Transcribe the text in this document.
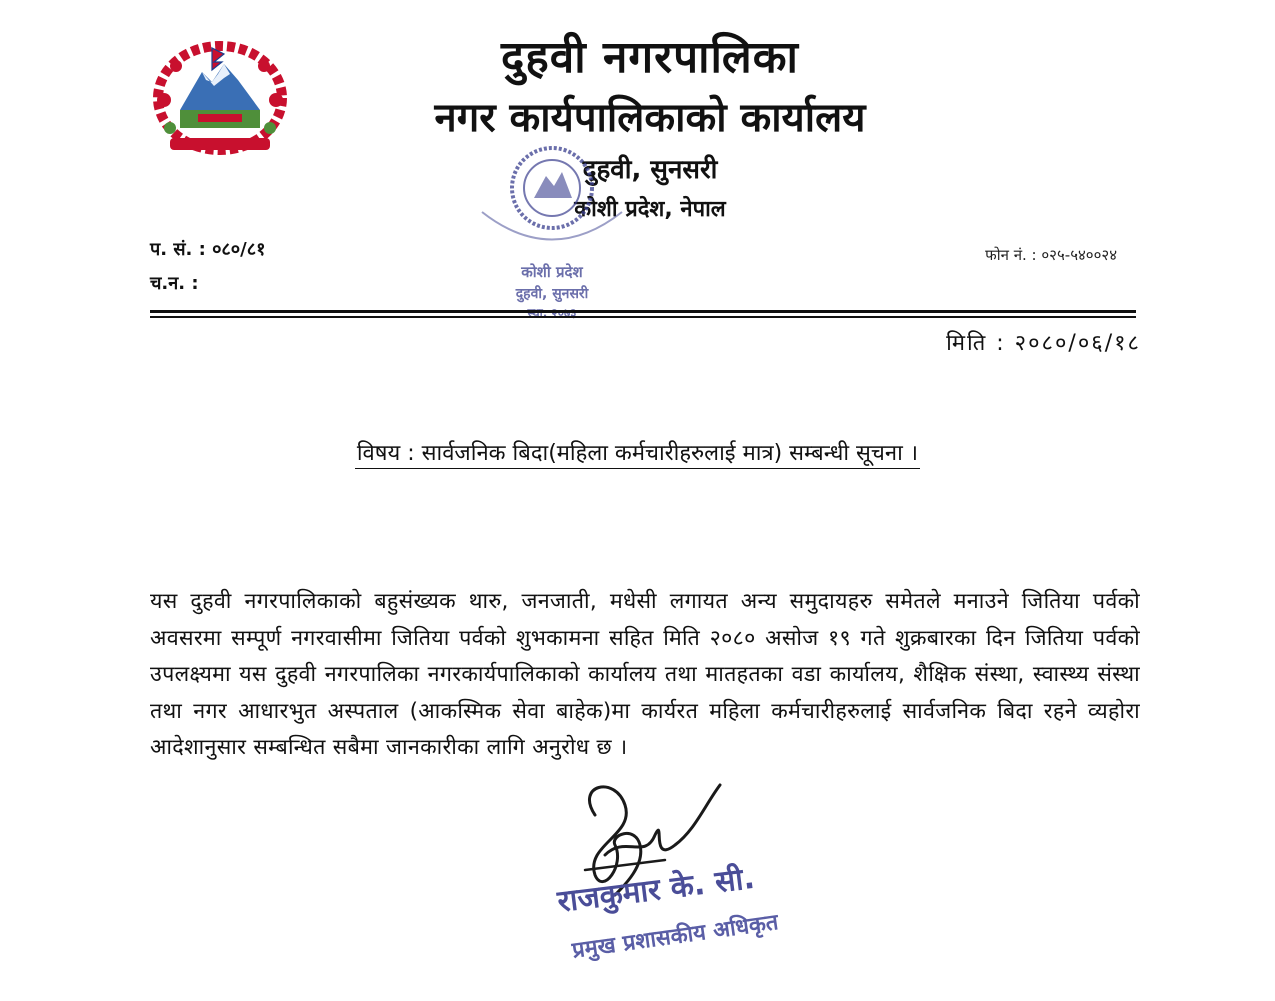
दुहवी नगरपालिका
नगर कार्यपालिकाको कार्यालय
दुहवी, सुनसरी
कोशी प्रदेश, नेपाल
कोशी प्रदेश
दुहवी, सुनसरी
स्था. २०७३
प. सं. : ०८०/८१
च.न. :
फोन नं. : ०२५-५४००२४
मिति : २०८०/०६/१८
विषय : सार्वजनिक बिदा(महिला कर्मचारीहरुलाई मात्र) सम्बन्धी सूचना ।
यस दुहवी नगरपालिकाको बहुसंख्यक थारु, जनजाती, मधेसी लगायत अन्य समुदायहरु समेतले मनाउने जितिया पर्वको अवसरमा सम्पूर्ण नगरवासीमा जितिया पर्वको शुभकामना सहित मिति २०८० असोज १९ गते शुक्रबारका दिन जितिया पर्वको उपलक्ष्यमा यस दुहवी नगरपालिका नगरकार्यपालिकाको कार्यालय तथा मातहतका वडा कार्यालय, शैक्षिक संस्था, स्वास्थ्य संस्था तथा नगर आधारभुत अस्पताल (आकस्मिक सेवा बाहेक)मा कार्यरत महिला कर्मचारीहरुलाई सार्वजनिक बिदा रहने व्यहोरा आदेशानुसार सम्बन्धित सबैमा जानकारीका लागि अनुरोध छ ।
राजकुमार के. सी.
प्रमुख प्रशासकीय अधिकृत
